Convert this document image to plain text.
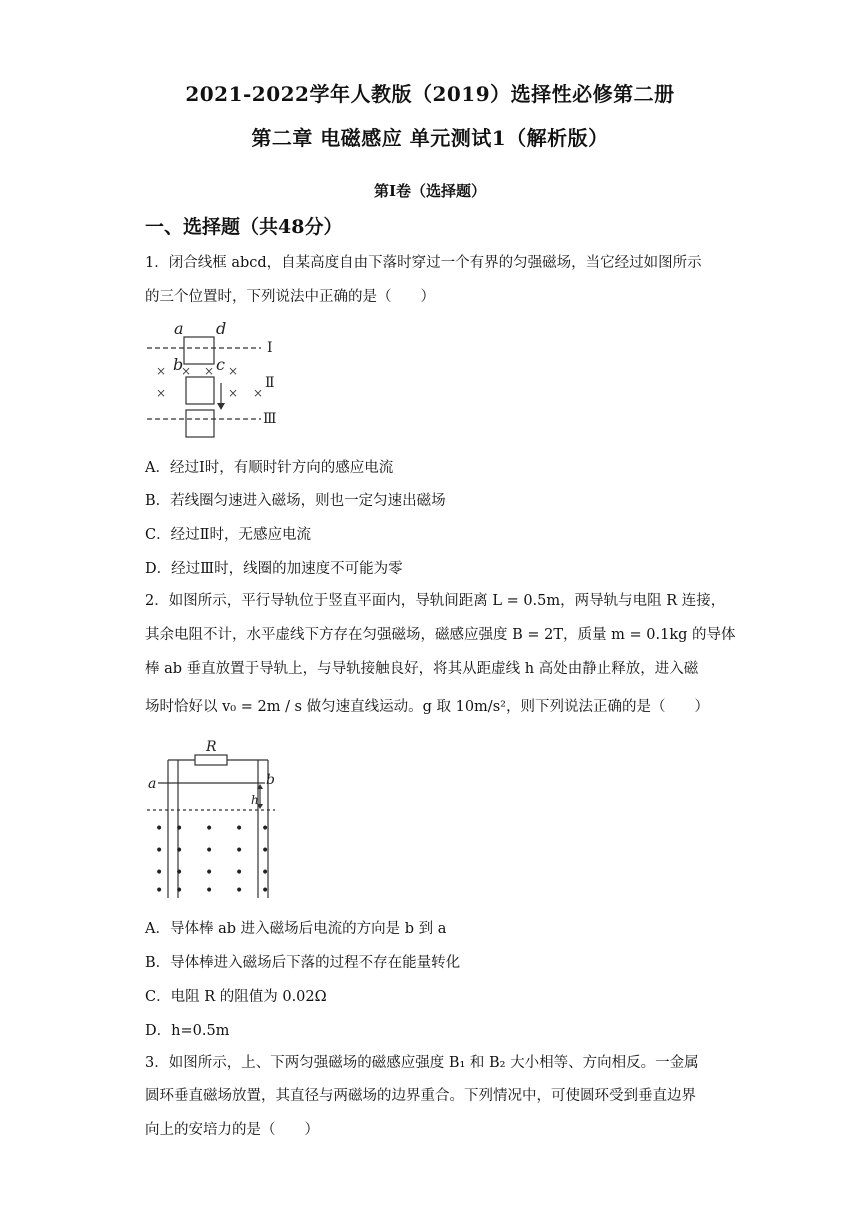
2021-2022学年人教版（2019）选择性必修第二册
第二章 电磁感应 单元测试1（解析版）
第Ⅰ卷（选择题）
一、选择题（共48分）
1．闭合线框 abcd，自某高度自由下落时穿过一个有界的匀强磁场，当它经过如图所示
的三个位置时，下列说法中正确的是（　　）
× × × ×
×	× ×
a d
b c
Ⅰ
Ⅱ
Ⅲ
A．经过Ⅰ时，有顺时针方向的感应电流
B．若线圈匀速进入磁场，则也一定匀速出磁场
C．经过Ⅱ时，无感应电流
D．经过Ⅲ时，线圈的加速度不可能为零
2．如图所示，平行导轨位于竖直平面内，导轨间距离 L = 0.5m，两导轨与电阻 R 连接，
其余电阻不计，水平虚线下方存在匀强磁场，磁感应强度 B = 2T，质量 m = 0.1kg 的导体
棒 ab 垂直放置于导轨上，与导轨接触良好，将其从距虚线 h 高处由静止释放，进入磁
场时恰好以 v₀ = 2m / s 做匀速直线运动。g 取 10m/s²，则下列说法正确的是（　　）
R
a	b
h
• • • • •
• • • • •
• • • • •
• • • • •
A．导体棒 ab 进入磁场后电流的方向是 b 到 a
B．导体棒进入磁场后下落的过程不存在能量转化
C．电阻 R 的阻值为 0.02Ω
D．h=0.5m
3．如图所示，上、下两匀强磁场的磁感应强度 B₁ 和 B₂ 大小相等、方向相反。一金属
圆环垂直磁场放置，其直径与两磁场的边界重合。下列情况中，可使圆环受到垂直边界
向上的安培力的是（　　）
